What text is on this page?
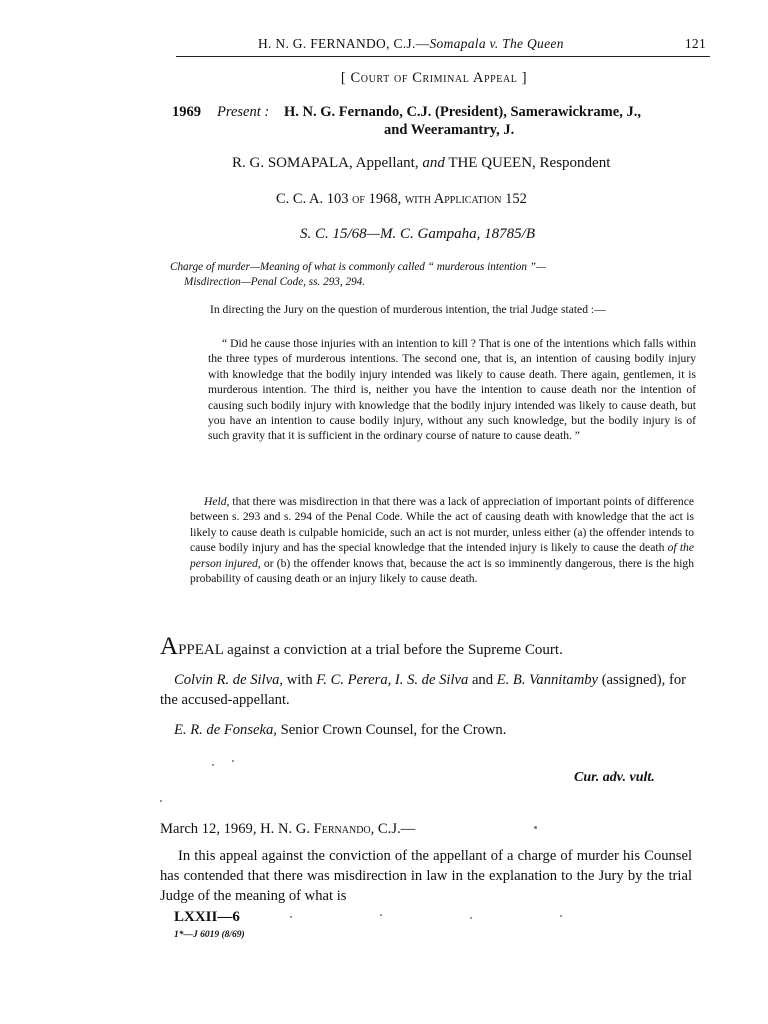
H. N. G. FERNANDO, C.J.—Somapala v. The Queen	121
[ Court of Criminal Appeal ]
1969 Present : H. N. G. Fernando, C.J. (President), Samerawickrame, J.,
and Weeramantry, J.
R. G. SOMAPALA, Appellant, and THE QUEEN, Respondent
C. C. A. 103 of 1968, with Application 152
S. C. 15/68—M. C. Gampaha, 18785/B
Charge of murder—Meaning of what is commonly called “ murderous intention ”—
Misdirection—Penal Code, ss. 293, 294.
In directing the Jury on the question of murderous intention, the trial Judge stated :—
“ Did he cause those injuries with an intention to kill ? That is one of the intentions which falls within the three types of murderous intentions. The second one, that is, an intention of causing bodily injury with knowledge that the bodily injury intended was likely to cause death. There again, gentlemen, it is murderous intention. The third is, neither you have the intention to cause death nor the intention of causing such bodily injury with knowledge that the bodily injury intended was likely to cause death, but you have an intention to cause bodily injury, without any such knowledge, but the bodily injury is of such gravity that it is sufficient in the ordinary course of nature to cause death. ”
Held, that there was misdirection in that there was a lack of appreciation of important points of difference between s. 293 and s. 294 of the Penal Code. While the act of causing death with knowledge that the act is likely to cause death is culpable homicide, such an act is not murder, unless either (a) the offender intends to cause bodily injury and has the special knowledge that the intended injury is likely to cause the death of the person injured, or (b) the offender knows that, because the act is so imminently dangerous, there is the high probability of causing death or an injury likely to cause death.
APPEAL against a conviction at a trial before the Supreme Court.
Colvin R. de Silva, with F. C. Perera, I. S. de Silva and E. B. Vannitamby (assigned), for the accused-appellant.
E. R. de Fonseka, Senior Crown Counsel, for the Crown.
Cur. adv. vult.
March 12, 1969, H. N. G. Fernando, C.J.—
In this appeal against the conviction of the appellant of a charge of murder his Counsel has contended that there was misdirection in law in the explanation to the Jury by the trial Judge of the meaning of what is
LXXII—6
1*—J 6019 (8/69)
